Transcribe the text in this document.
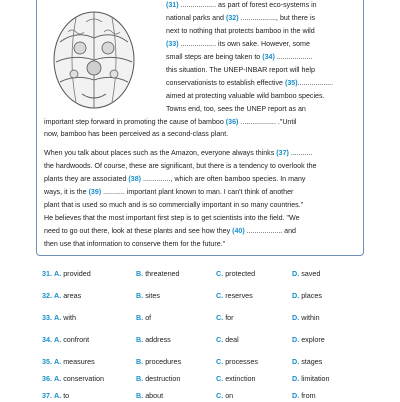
(31) .................. as part of forest eco-systems in

national parks and (32) .................., but there is

next to nothing that protects bamboo in the wild

(33) .................. its own sake. However, some

small steps are being taken to (34) ..................

this situation. The UNEP-INBAR report will help

conservationists to establish effective (35)..................

aimed at protecting valuable wild bamboo species.

Towns end, too, sees the UNEP report as an

important step forward in promoting the cause of bamboo (36) .................. ."Until

now, bamboo has been perceived as a second-class plant.

When you talk about places such as the Amazon, everyone always thinks (37) ...........

the hardwoods. Of course, these are significant, but there is a tendency to overlook the

plants they are associated (38) .............., which are often bamboo species. In many

ways, it is the (39) ........... important plant known to man. I can't think of another

plant that is used so much and is so commercially important in so many countries."

He believes that the most important first step is to get scientists into the field. "We

need to go out there, look at these plants and see how they (40) .................. and

then use that information to conserve them for the future."

31. A. provided	B. threatened	C. protected	D. saved
32. A. areas	B. sites	C. reserves	D. places
33. A. with	B. of	C. for	D. within
34. A. confront	B. address	C. deal	D. explore
35. A. measures	B. procedures	C. processes	D. stages
36. A. conservation	B. destruction	C. extinction	D. limitation
37. A. to	B. about	C. on	D. from
